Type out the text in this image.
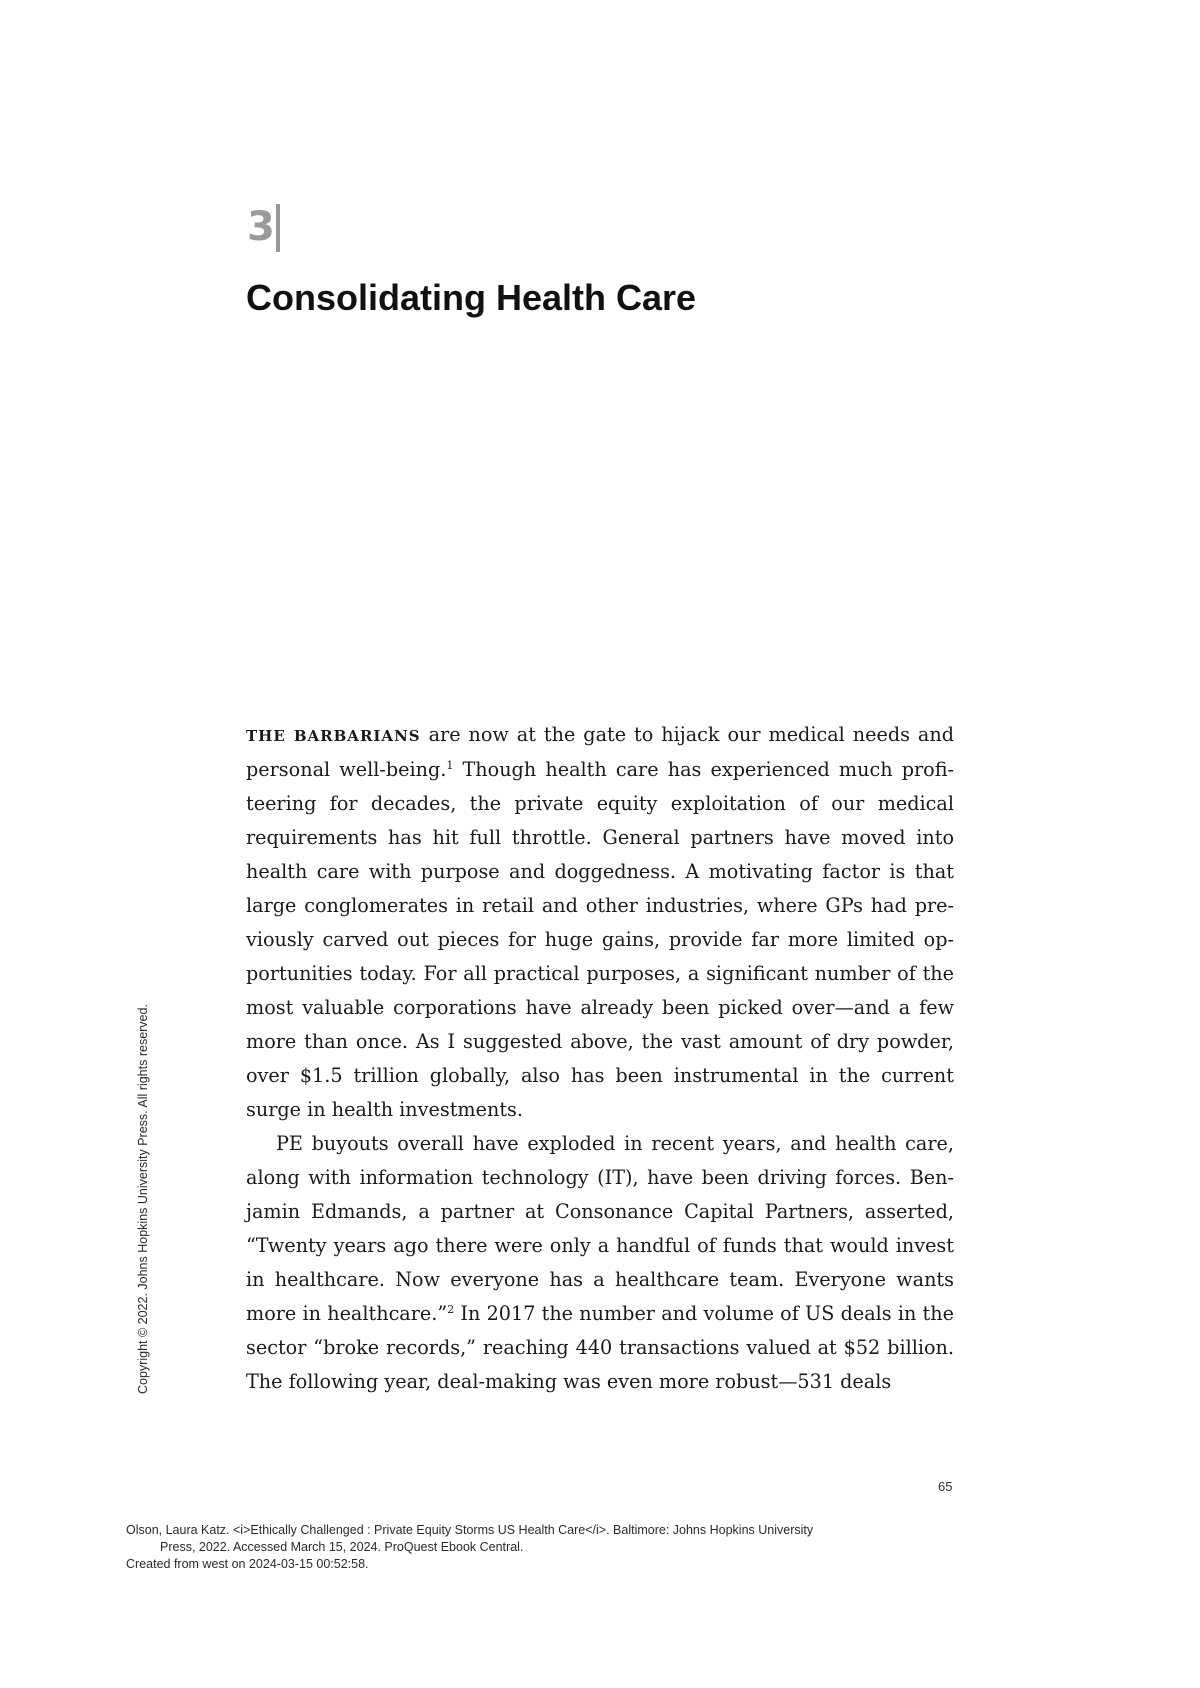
3
Consolidating Health Care

THE BARBARIANS are now at the gate to hijack our medical needs and personal well-being.$^1$ Though health care has experienced much profiteering for decades, the private equity exploitation of our medical requirements has hit full throttle. General partners have moved into health care with purpose and doggedness. A motivating factor is that large conglomerates in retail and other industries, where GPs had previously carved out pieces for huge gains, provide far more limited opportunities today. For all practical purposes, a significant number of the most valuable corporations have already been picked over—and a few more than once. As I suggested above, the vast amount of dry powder, over $1.5 trillion globally, also has been instrumental in the current surge in health investments.

PE buyouts overall have exploded in recent years, and health care, along with information technology (IT), have been driving forces. Benjamin Edmands, a partner at Consonance Capital Partners, asserted, “Twenty years ago there were only a handful of funds that would invest in healthcare. Now everyone has a healthcare team. Everyone wants more in healthcare.”$^2$ In 2017 the number and volume of US deals in the sector “broke records,” reaching 440 transactions valued at $52 billion. The following year, deal-making was even more robust—531 deals

Copyright © 2022. Johns Hopkins University Press. All rights reserved.
65
Olson, Laura Katz. <i>Ethically Challenged : Private Equity Storms US Health Care</i>. Baltimore: Johns Hopkins University
Press, 2022. Accessed March 15, 2024. ProQuest Ebook Central.
Created from west on 2024-03-15 00:52:58.
